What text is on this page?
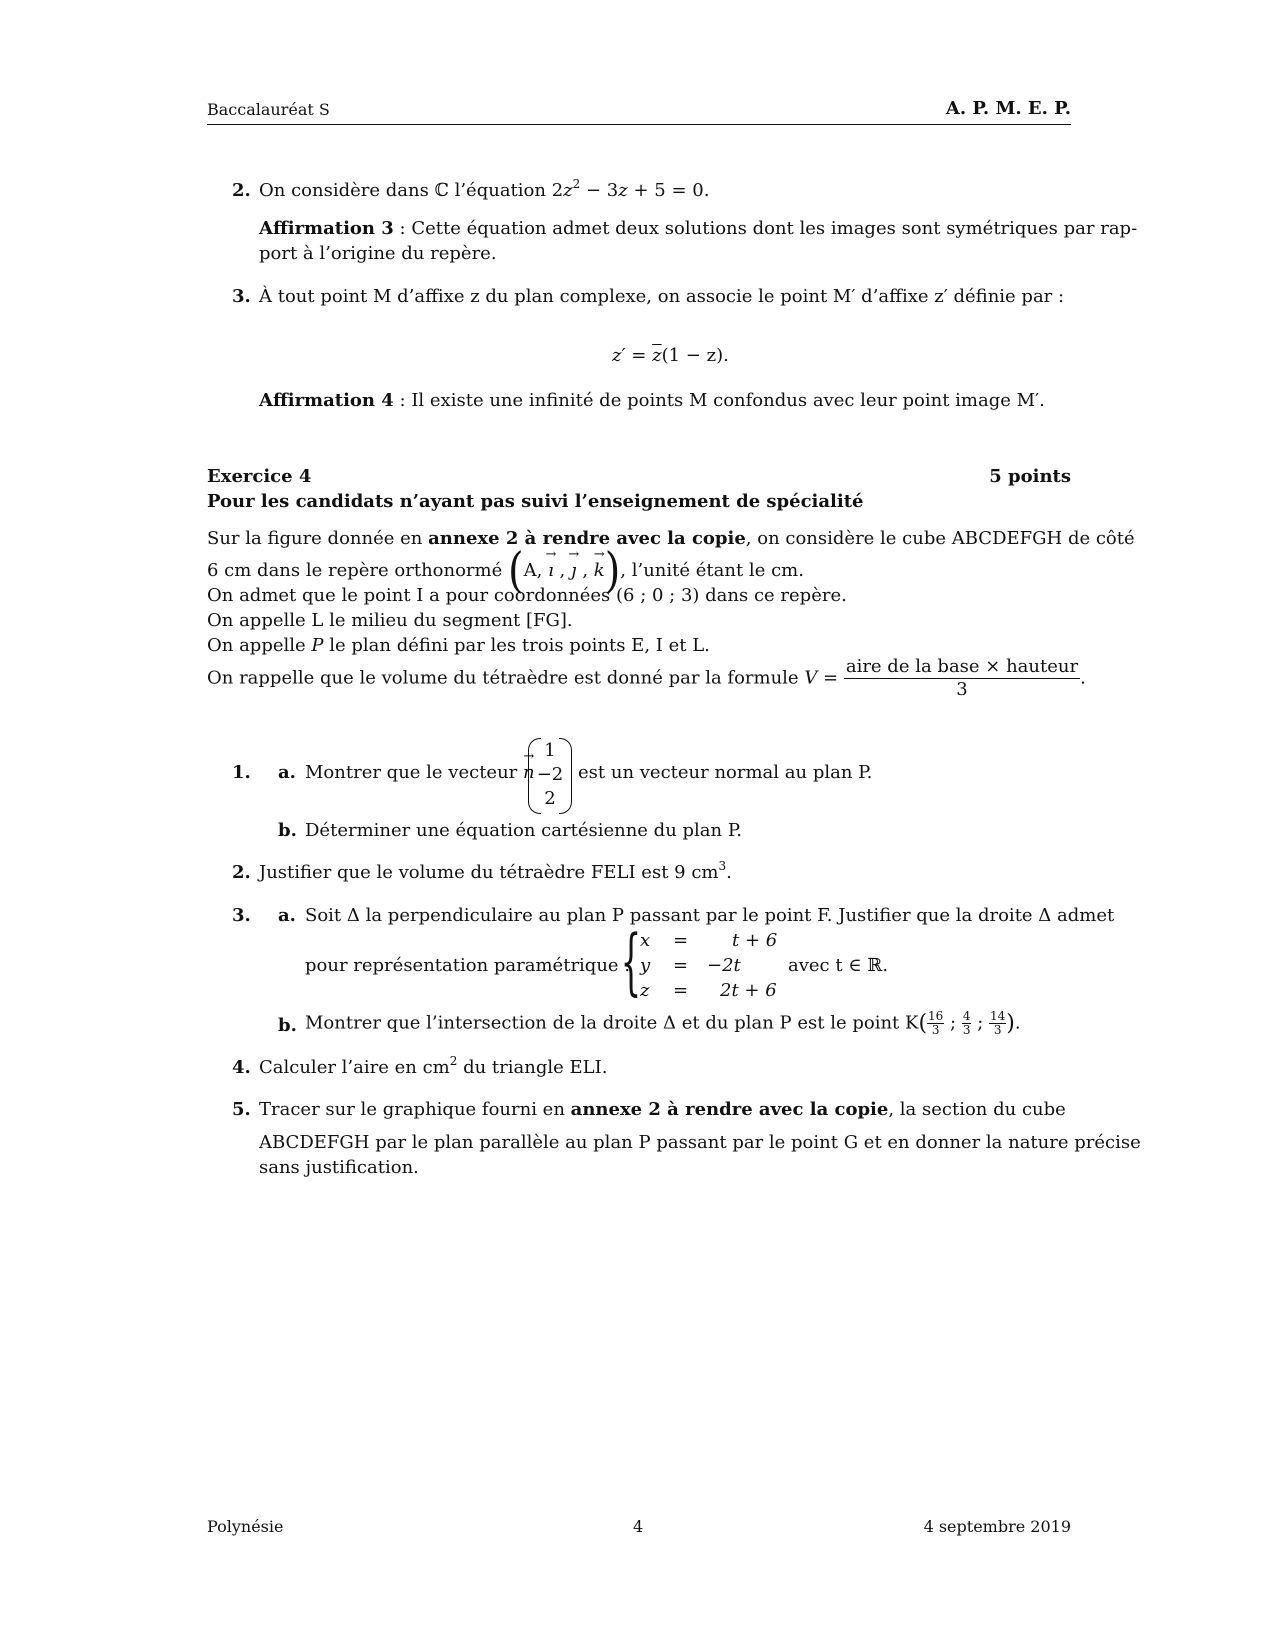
Baccalauréat S	A. P. M. E. P.
2. On considère dans ℂ l’équation $2z^2 - 3z + 5 = 0$.
Affirmation 3 : Cette équation admet deux solutions dont les images sont symétriques par rap-
port à l’origine du repère.
3. À tout point M d’affixe z du plan complexe, on associe le point M′ d’affixe z′ définie par :
$z' = \overline{z}(1 - z)$.
Affirmation 4 : Il existe une infinité de points M confondus avec leur point image M′.
Exercice 4	5 points
Pour les candidats n’ayant pas suivi l’enseignement de spécialité
Sur la figure donnée en annexe 2 à rendre avec la copie, on considère le cube ABCDEFGH de côté
6 cm dans le repère orthonormé (A, → ı , → ȷ , → k), l’unité étant le cm.
On admet que le point I a pour coordonnées (6 ; 0 ; 3) dans ce repère.
On appelle L le milieu du segment [FG].
On appelle P le plan défini par les trois points E, I et L.
On rappelle que le volume du tétraèdre est donné par la formule $V = \frac{\text{aire de la base × hauteur}}{3}$ .
1. a. Montrer que le vecteur → n
1
−2
2
est un vecteur normal au plan P.
b. Déterminer une équation cartésienne du plan P.
2. Justifier que le volume du tétraèdre FELI est 9 $cm^3$.
3. a. Soit Δ la perpendiculaire au plan P passant par le point F. Justifier que la droite Δ admet
pour représentation paramétrique :
{
x
y
z
=
=
=
t + 6
−2t
2t + 6
avec t ∈ ℝ.
b. Montrer que l’intersection de la droite Δ et du plan P est le point $K( \frac{16}{3}$ ; $\frac{4}{3}$ ; $\frac{14}{3}$ ).
4. Calculer l’aire en $cm^2$ du triangle ELI.
5. Tracer sur le graphique fourni en annexe 2 à rendre avec la copie, la section du cube
ABCDEFGH par le plan parallèle au plan P passant par le point G et en donner la nature précise
sans justification.
Polynésie	4	4 septembre 2019
